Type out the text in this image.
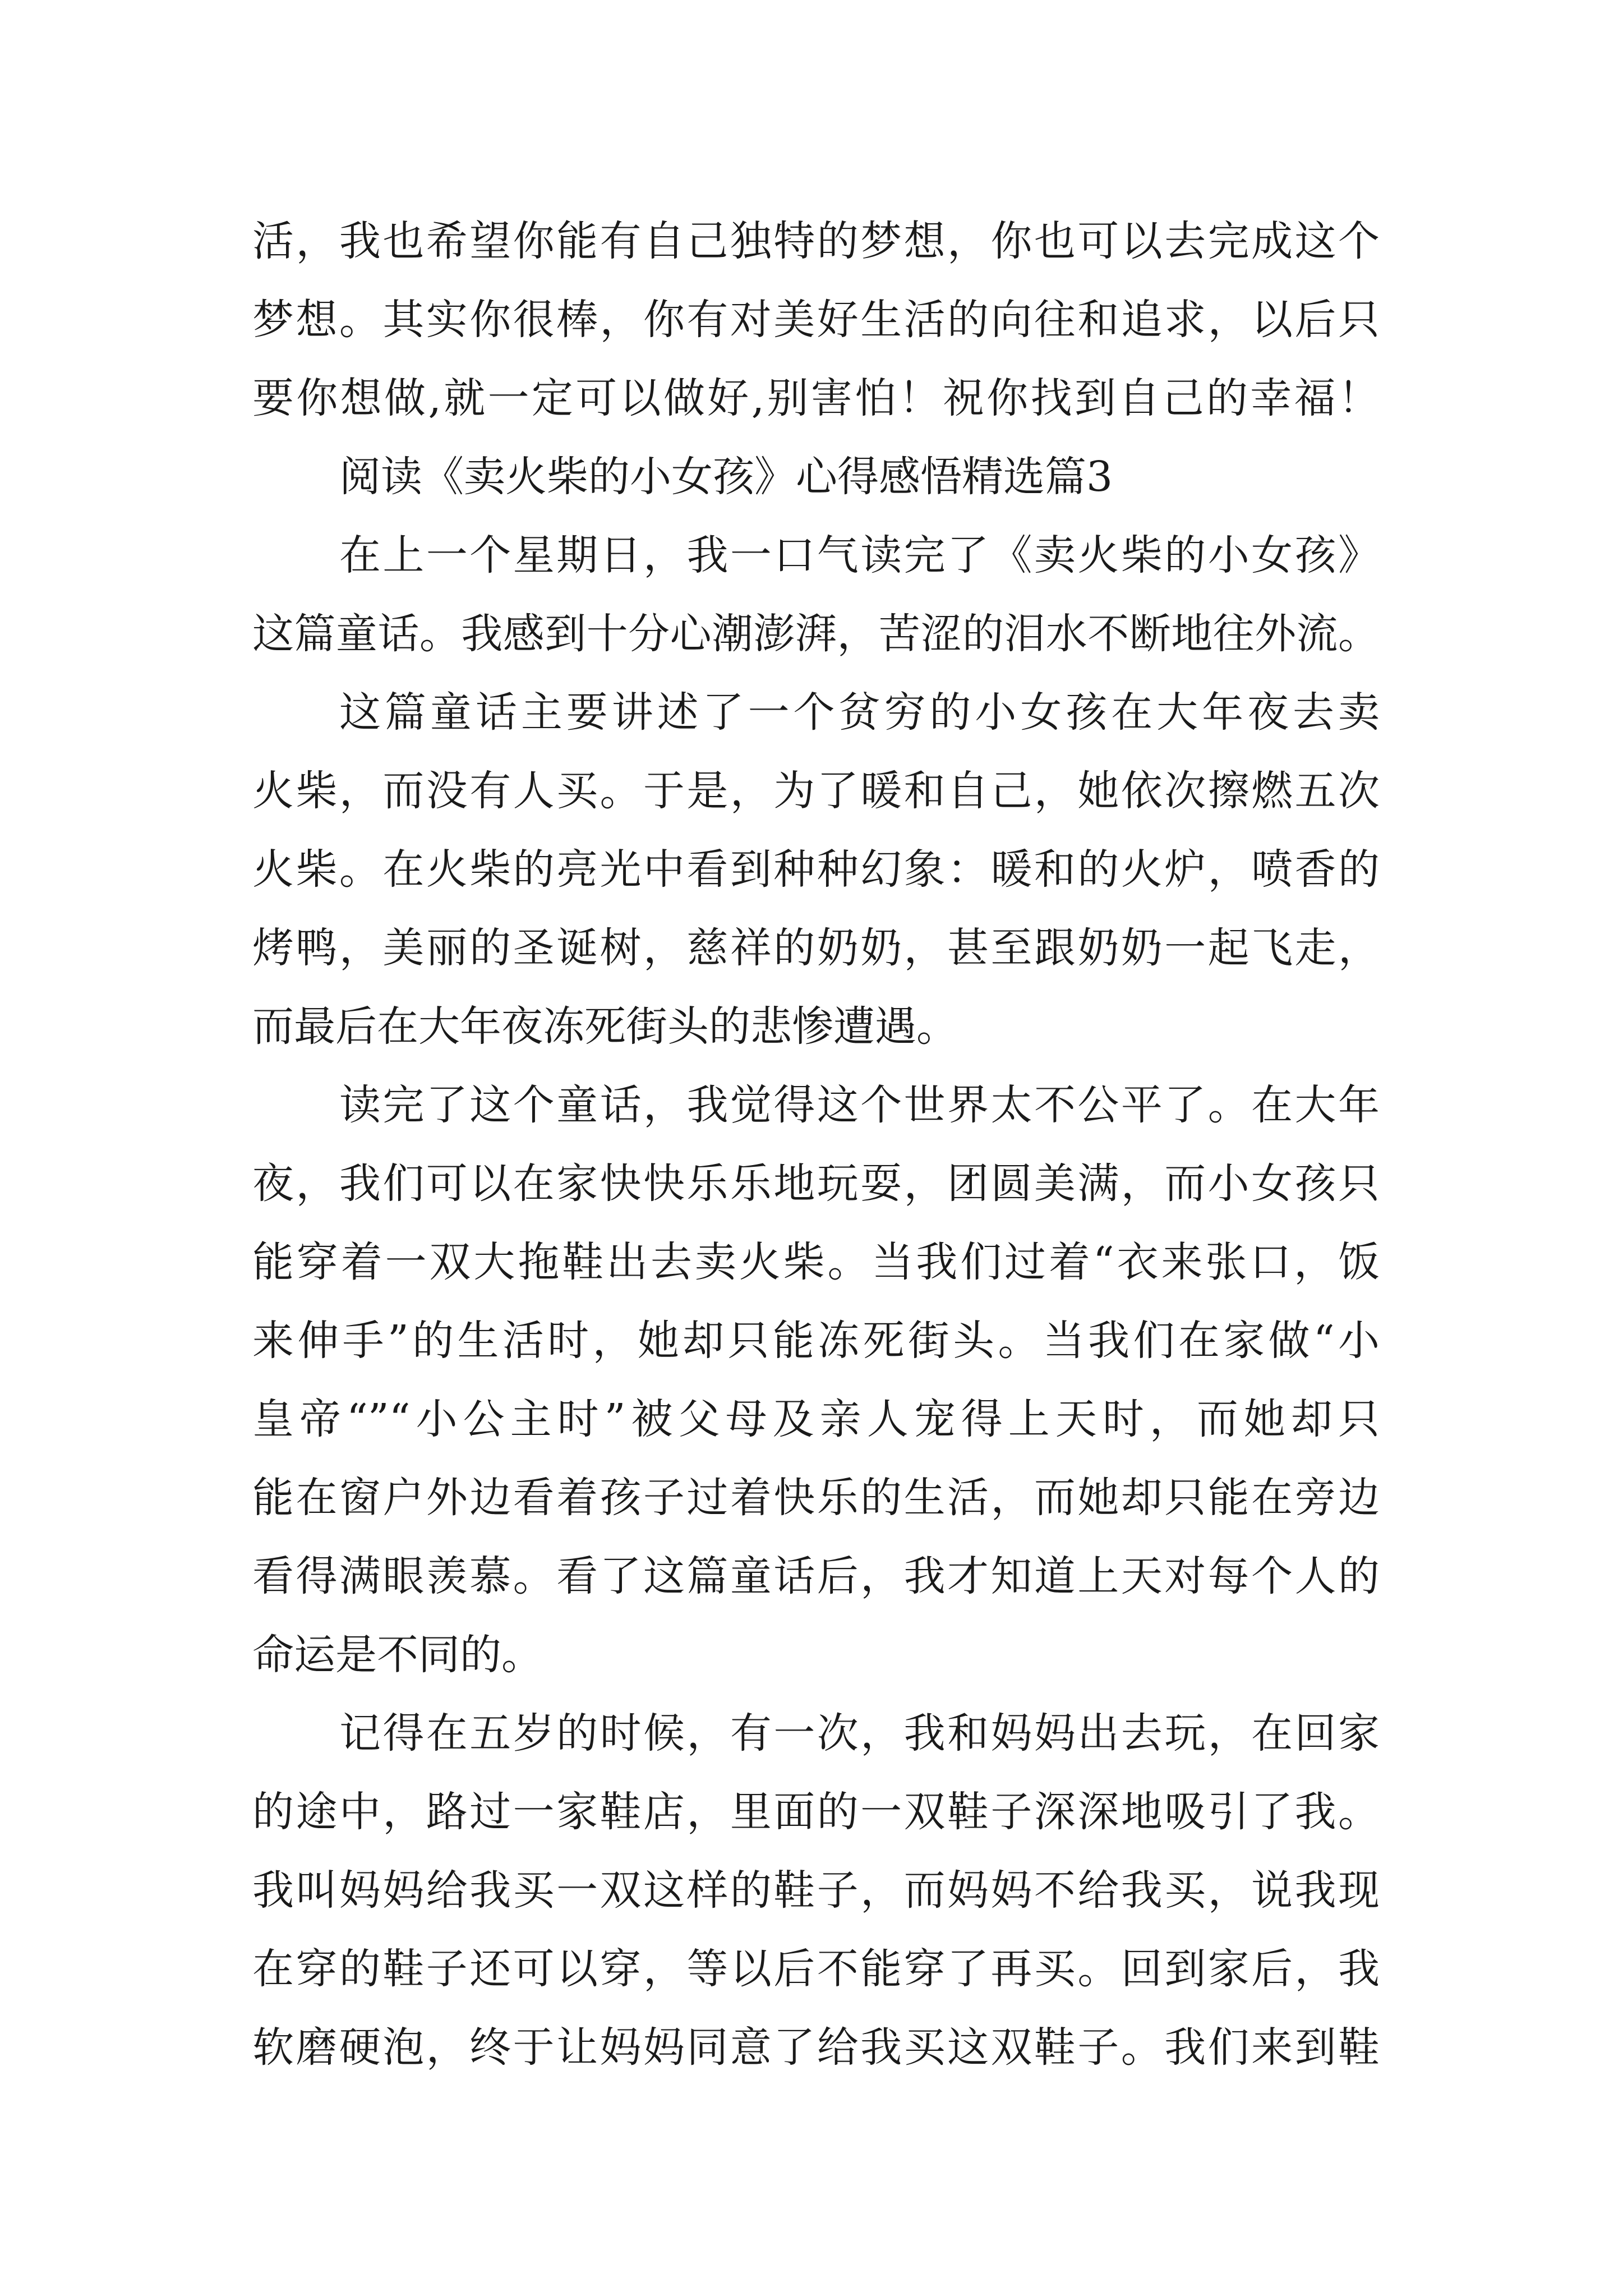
活，我也希望你能有自己独特的梦想，你也可以去完成这个
梦想。其实你很棒，你有对美好生活的向往和追求，以后只
要你想做,就一定可以做好,别害怕！祝你找到自己的幸福！
阅读《卖火柴的小女孩》心得感悟精选篇3
在上一个星期日，我一口气读完了《卖火柴的小女孩》
这篇童话。我感到十分心潮澎湃，苦涩的泪水不断地往外流。
这篇童话主要讲述了一个贫穷的小女孩在大年夜去卖
火柴，而没有人买。于是，为了暖和自己，她依次擦燃五次
火柴。在火柴的亮光中看到种种幻象：暖和的火炉，喷香的
烤鸭，美丽的圣诞树，慈祥的奶奶，甚至跟奶奶一起飞走，
而最后在大年夜冻死街头的悲惨遭遇。
读完了这个童话，我觉得这个世界太不公平了。在大年
夜，我们可以在家快快乐乐地玩耍，团圆美满，而小女孩只
能穿着一双大拖鞋出去卖火柴。当我们过着“衣来张口，饭
来伸手”的生活时，她却只能冻死街头。当我们在家做“小
皇帝“”“小公主时”被父母及亲人宠得上天时，而她却只
能在窗户外边看着孩子过着快乐的生活，而她却只能在旁边
看得满眼羡慕。看了这篇童话后，我才知道上天对每个人的
命运是不同的。
记得在五岁的时候，有一次，我和妈妈出去玩，在回家
的途中，路过一家鞋店，里面的一双鞋子深深地吸引了我。
我叫妈妈给我买一双这样的鞋子，而妈妈不给我买，说我现
在穿的鞋子还可以穿，等以后不能穿了再买。回到家后，我
软磨硬泡，终于让妈妈同意了给我买这双鞋子。我们来到鞋
